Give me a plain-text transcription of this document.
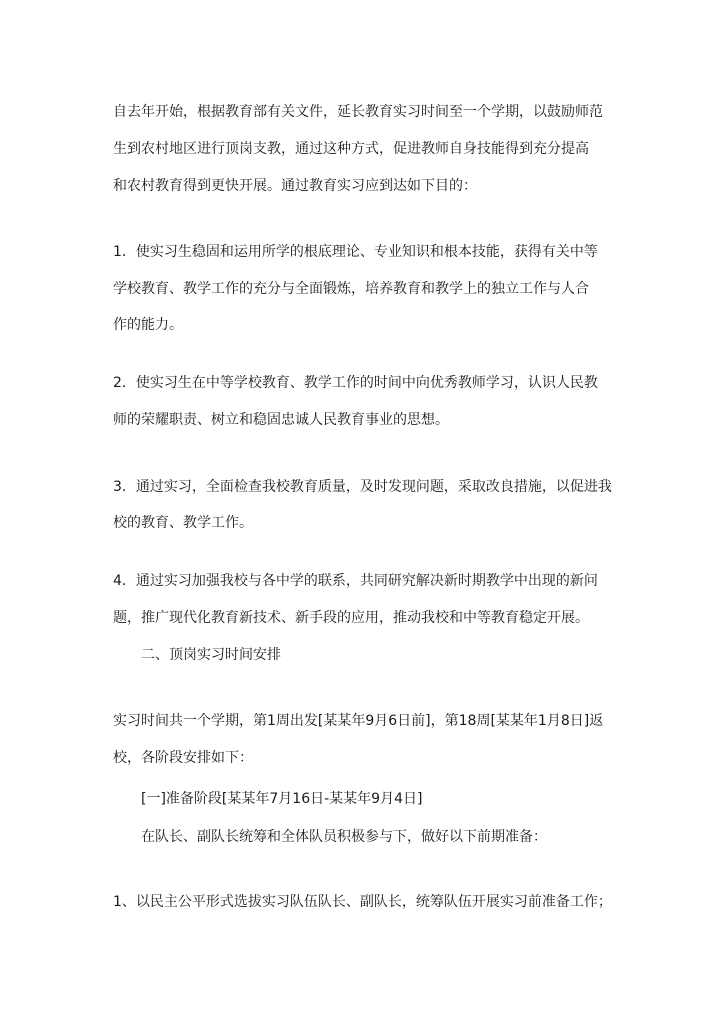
自去年开始，根据教育部有关文件，延长教育实习时间至一个学期，以鼓励师范
生到农村地区进行顶岗支教，通过这种方式，促进教师自身技能得到充分提高
和农村教育得到更快开展。通过教育实习应到达如下目的：
1．使实习生稳固和运用所学的根底理论、专业知识和根本技能，获得有关中等
学校教育、教学工作的充分与全面锻炼，培养教育和教学上的独立工作与人合
作的能力。
2．使实习生在中等学校教育、教学工作的时间中向优秀教师学习，认识人民教
师的荣耀职责、树立和稳固忠诚人民教育事业的思想。
3．通过实习，全面检查我校教育质量，及时发现问题，采取改良措施，以促进我
校的教育、教学工作。
4．通过实习加强我校与各中学的联系，共同研究解决新时期教学中出现的新问
题，推广现代化教育新技术、新手段的应用，推动我校和中等教育稳定开展。
二、顶岗实习时间安排
实习时间共一个学期，第1周出发[某某年9月6日前]，第18周[某某年1月8日]返
校，各阶段安排如下：
[一]准备阶段[某某年7月16日-某某年9月4日]
在队长、副队长统筹和全体队员积极参与下，做好以下前期准备：
1、以民主公平形式选拔实习队伍队长、副队长，统筹队伍开展实习前准备工作；
